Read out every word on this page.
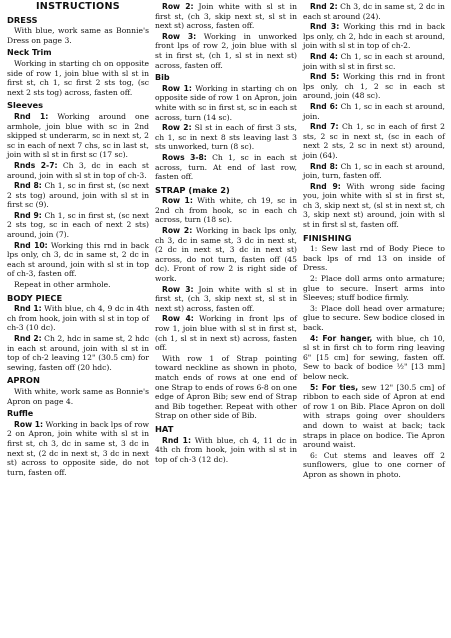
INSTRUCTIONS
DRESS

With blue, work same as Bonnie's Dress on page 3.

Neck Trim

Working in starting ch on opposite side of row 1, join blue with sl st in first st, ch 1, sc first 2 sts tog, (sc next 2 sts tog) across, fasten off.

Sleeves

Rnd 1: Working around one armhole, join blue with sc in 2nd skipped st underarm, sc in next st, 2 sc in each of next 7 chs, sc in last st, join with sl st in first sc (17 sc).

Rnds 2-7: Ch 3, dc in each st around, join with sl st in top of ch-3.

Rnd 8: Ch 1, sc in first st, (sc next 2 sts tog) around, join with sl st in first sc (9).

Rnd 9: Ch 1, sc in first st, (sc next 2 sts tog, sc in each of next 2 sts) around, join (7).

Rnd 10: Working this rnd in back lps only, ch 3, dc in same st, 2 dc in each st around, join with sl st in top of ch-3, fasten off.

Repeat in other armhole.

BODY PIECE

Rnd 1: With blue, ch 4, 9 dc in 4th ch from hook, join with sl st in top of ch-3 (10 dc).

Rnd 2: Ch 2, hdc in same st, 2 hdc in each st around, join with sl st in top of ch-2 leaving 12" (30.5 cm) for sewing, fasten off (20 hdc).

APRON

With white, work same as Bonnie's Apron on page 4.

Ruffle

Row 1: Working in back lps of row 2 on Apron, join white with sl st in first st, ch 3, dc in same st, 3 dc in next st, (2 dc in next st, 3 dc in next st) across to opposite side, do not turn, fasten off.

Row 2: Join white with sl st in first st, (ch 3, skip next st, sl st in next st) across, fasten off.

Row 3: Working in unworked front lps of row 2, join blue with sl st in first st, (ch 1, sl st in next st) across, fasten off.

Bib

Row 1: Working in starting ch on opposite side of row 1 on Apron, join white with sc in first st, sc in each st across, turn (14 sc).

Row 2: Sl st in each of first 3 sts, ch 1, sc in next 8 sts leaving last 3 sts unworked, turn (8 sc).

Rows 3-8: Ch 1, sc in each st across, turn. At end of last row, fasten off.

STRAP (make 2)

Row 1: With white, ch 19, sc in 2nd ch from hook, sc in each ch across, turn (18 sc).

Row 2: Working in back lps only, ch 3, dc in same st, 3 dc in next st, (2 dc in next st, 3 dc in next st) across, do not turn, fasten off (45 dc). Front of row 2 is right side of work.

Row 3: Join white with sl st in first st, (ch 3, skip next st, sl st in next st) across, fasten off.

Row 4: Working in front lps of row 1, join blue with sl st in first st, (ch 1, sl st in next st) across, fasten off.

With row 1 of Strap pointing toward neckline as shown in photo, match ends of rows at one end of one Strap to ends of rows 6-8 on one edge of Apron Bib; sew end of Strap and Bib together. Repeat with other Strap on other side of Bib.

HAT

Rnd 1: With blue, ch 4, 11 dc in 4th ch from hook, join with sl st in top of ch-3 (12 dc).

Rnd 2: Ch 3, dc in same st, 2 dc in each st around (24).

Rnd 3: Working this rnd in back lps only, ch 2, hdc in each st around, join with sl st in top of ch-2.

Rnd 4: Ch 1, sc in each st around, join with sl st in first sc.

Rnd 5: Working this rnd in front lps only, ch 1, 2 sc in each st around, join (48 sc).

Rnd 6: Ch 1, sc in each st around, join.

Rnd 7: Ch 1, sc in each of first 2 sts, 2 sc in next st, (sc in each of next 2 sts, 2 sc in next st) around, join (64).

Rnd 8: Ch 1, sc in each st around, join, turn, fasten off.

Rnd 9: With wrong side facing you, join white with sl st in first st, ch 3, skip next st, (sl st in next st, ch 3, skip next st) around, join with sl st in first sl st, fasten off.

FINISHING

1: Sew last rnd of Body Piece to back lps of rnd 13 on inside of Dress.

2: Place doll arms onto armature; glue to secure. Insert arms into Sleeves; stuff bodice firmly.

3: Place doll head over armature; glue to secure. Sew bodice closed in back.

4: For hanger, with blue, ch 10, sl st in first ch to form ring leaving 6" [15 cm] for sewing, fasten off. Sew to back of bodice ½" [13 mm] below neck.

5: For ties, sew 12" [30.5 cm] of ribbon to each side of Apron at end of row 1 on Bib. Place Apron on doll with straps going over shoulders and down to waist at back; tack straps in place on bodice. Tie Apron around waist.

6: Cut stems and leaves off 2 sunflowers, glue to one corner of Apron as shown in photo.
